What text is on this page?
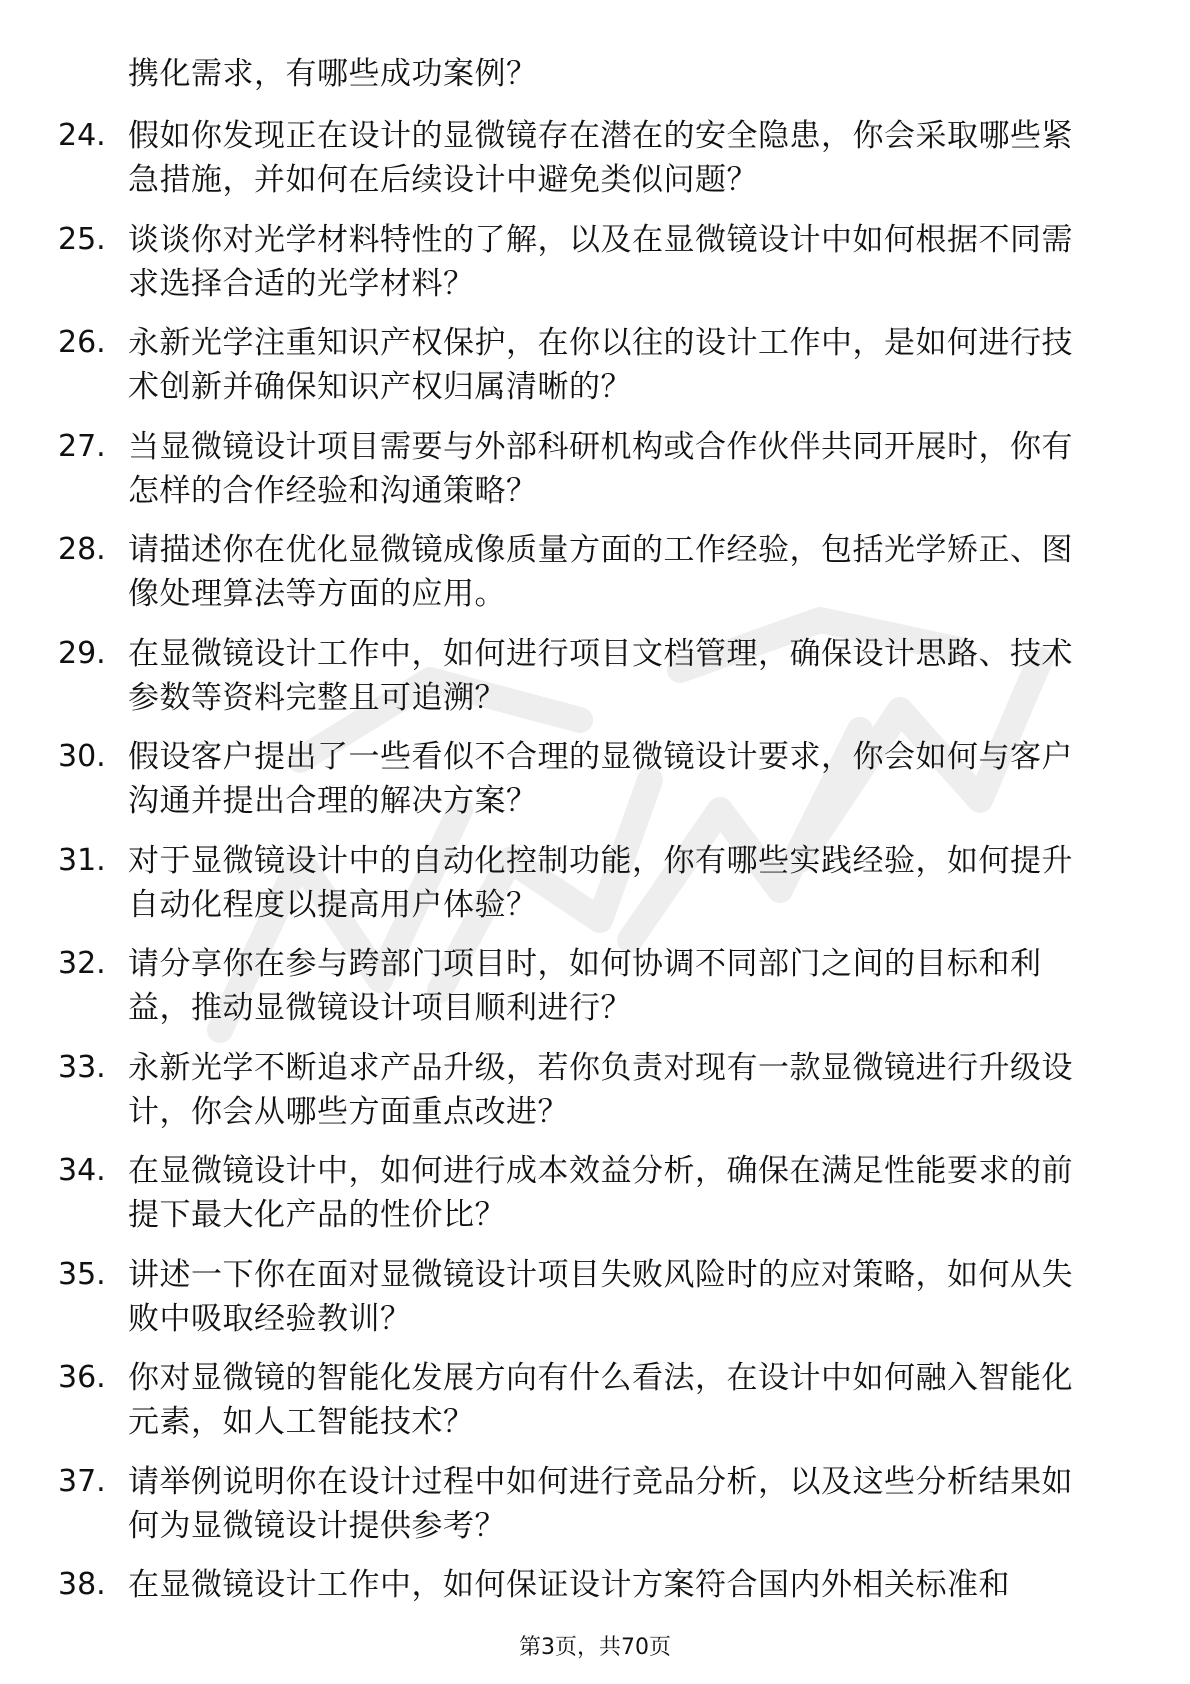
携化需求，有哪些成功案例？
24. 假如你发现正在设计的显微镜存在潜在的安全隐患，你会采取哪些紧急措施，并如何在后续设计中避免类似问题？
25. 谈谈你对光学材料特性的了解，以及在显微镜设计中如何根据不同需求选择合适的光学材料？
26. 永新光学注重知识产权保护，在你以往的设计工作中，是如何进行技术创新并确保知识产权归属清晰的？
27. 当显微镜设计项目需要与外部科研机构或合作伙伴共同开展时，你有怎样的合作经验和沟通策略？
28. 请描述你在优化显微镜成像质量方面的工作经验，包括光学矫正、图像处理算法等方面的应用。
29. 在显微镜设计工作中，如何进行项目文档管理，确保设计思路、技术参数等资料完整且可追溯？
30. 假设客户提出了一些看似不合理的显微镜设计要求，你会如何与客户沟通并提出合理的解决方案？
31. 对于显微镜设计中的自动化控制功能，你有哪些实践经验，如何提升自动化程度以提高用户体验？
32. 请分享你在参与跨部门项目时，如何协调不同部门之间的目标和利益，推动显微镜设计项目顺利进行？
33. 永新光学不断追求产品升级，若你负责对现有一款显微镜进行升级设计，你会从哪些方面重点改进？
34. 在显微镜设计中，如何进行成本效益分析，确保在满足性能要求的前提下最大化产品的性价比？
35. 讲述一下你在面对显微镜设计项目失败风险时的应对策略，如何从失败中吸取经验教训？
36. 你对显微镜的智能化发展方向有什么看法，在设计中如何融入智能化元素，如人工智能技术？
37. 请举例说明你在设计过程中如何进行竞品分析，以及这些分析结果如何为显微镜设计提供参考？
38. 在显微镜设计工作中，如何保证设计方案符合国内外相关标准和
第3页，共70页
